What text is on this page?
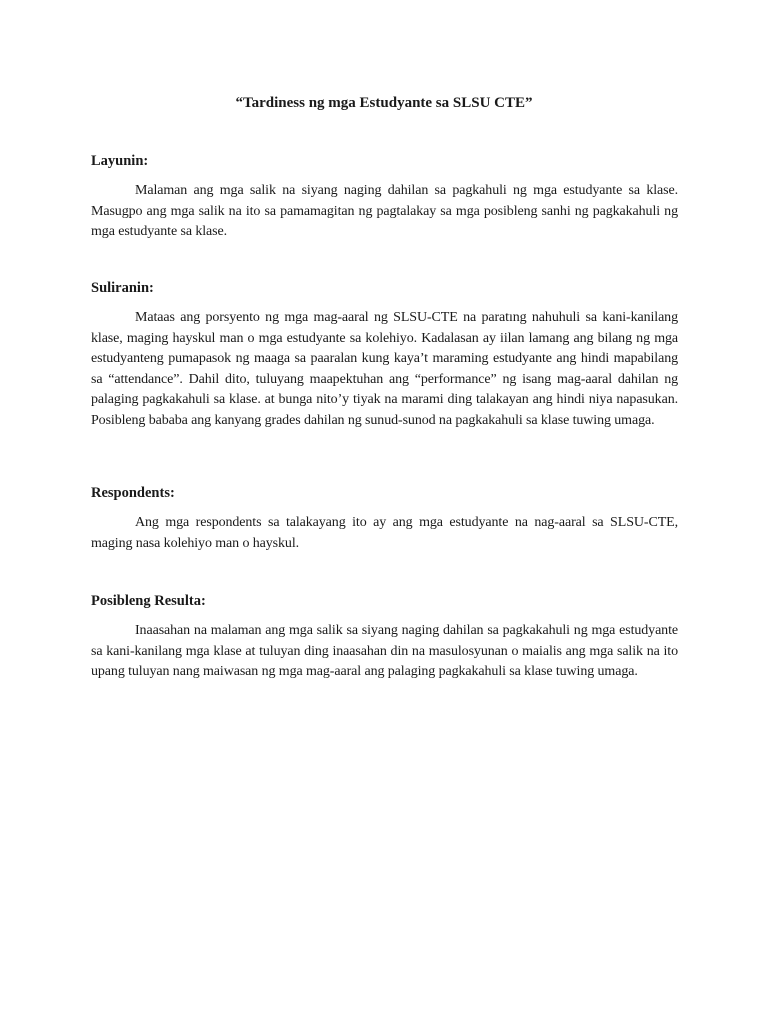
“Tardiness ng mga Estudyante sa SLSU CTE”

Layunin:

Malaman ang mga salik na siyang naging dahilan sa pagkahuli ng mga estudyante sa klase. Masugpo ang mga salik na ito sa pamamagitan ng pagtalakay sa mga posibleng sanhi ng pagkakahuli ng mga estudyante sa klase.

Suliranin:

Mataas ang porsyento ng mga mag-aaral ng SLSU-CTE na paratıng nahuhuli sa kani-kanilang klase, maging hayskul man o mga estudyante sa kolehiyo. Kadalasan ay iilan lamang ang bilang ng mga estudyanteng pumapasok ng maaga sa paaralan kung kaya’t maraming estudyante ang hindi mapabilang sa “attendance”. Dahil dito, tuluyang maapektuhan ang “performance” ng isang mag-aaral dahilan ng palaging pagkakahuli sa klase. at bunga nito’y tiyak na marami ding talakayan ang hindi niya napasukan. Posibleng bababa ang kanyang grades dahilan ng sunud-sunod na pagkakahuli sa klase tuwing umaga.

Respondents:

Ang mga respondents sa talakayang ito ay ang mga estudyante na nag-aaral sa SLSU-CTE, maging nasa kolehiyo man o hayskul.

Posibleng Resulta:

Inaasahan na malaman ang mga salik sa siyang naging dahilan sa pagkakahuli ng mga estudyante sa kani-kanilang mga klase at tuluyan ding inaasahan din na masulosyunan o maialis ang mga salik na ito upang tuluyan nang maiwasan ng mga mag-aaral ang palaging pagkakahuli sa klase tuwing umaga.
